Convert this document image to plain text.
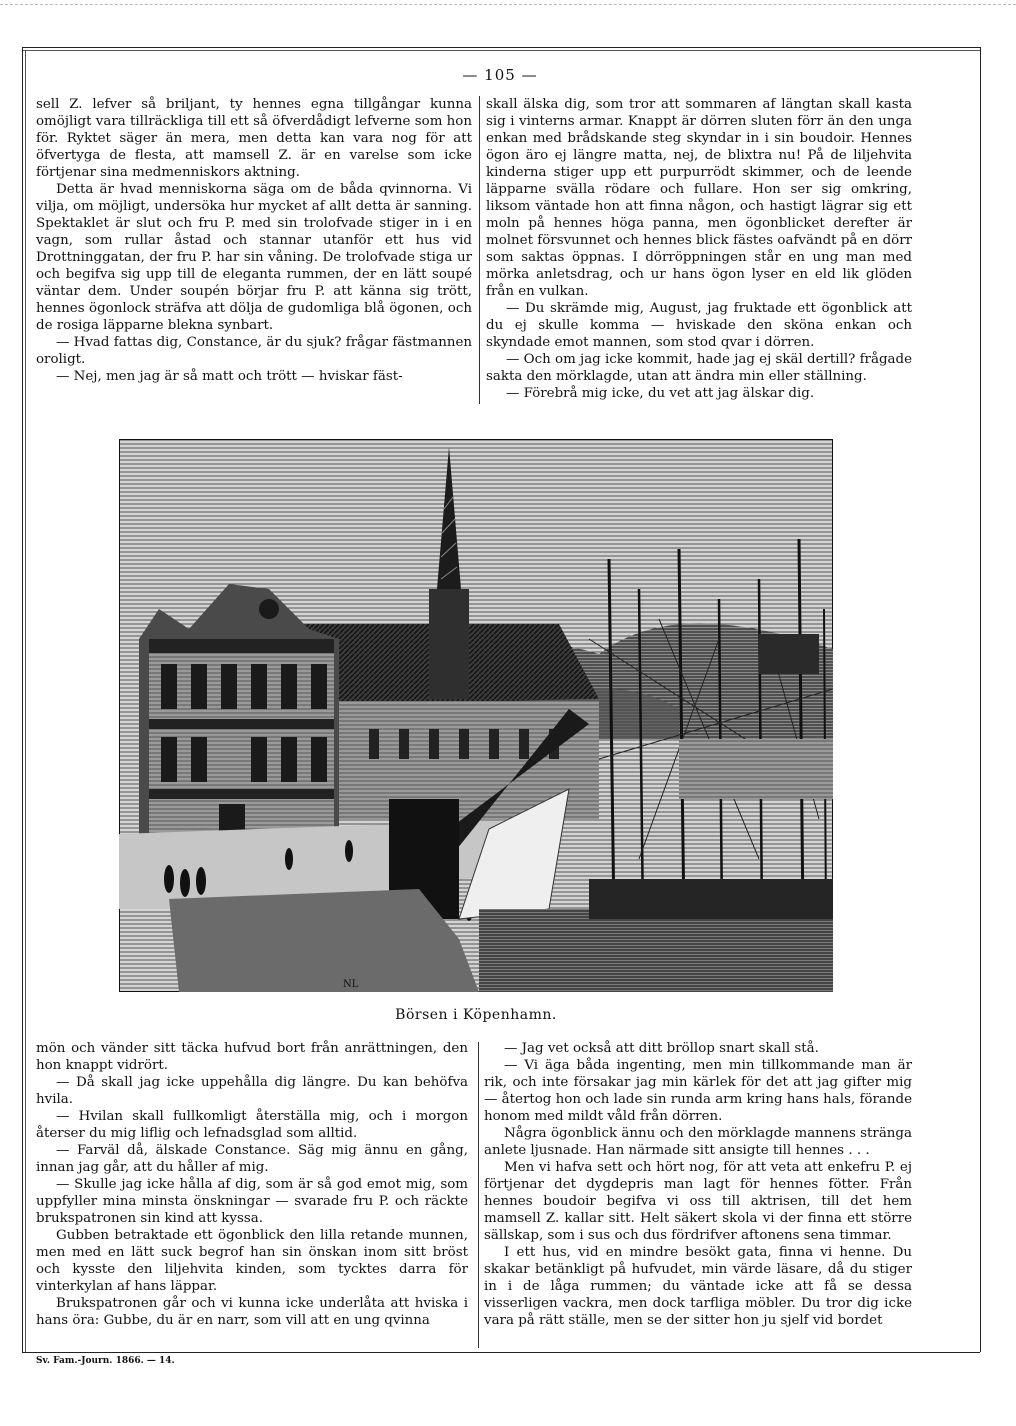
— 105 —

sell Z. lefver så briljant, ty hennes egna tillgångar kunna omöjligt vara tillräckliga till ett så öfverdådigt lefverne som hon för. Ryktet säger än mera, men detta kan vara nog för att öfvertyga de flesta, att mamsell Z. är en varelse som icke förtjenar sina medmenniskors aktning.

Detta är hvad menniskorna säga om de båda qvinnorna. Vi vilja, om möjligt, undersöka hur mycket af allt detta är sanning. Spektaklet är slut och fru P. med sin trolofvade stiger in i en vagn, som rullar åstad och stannar utanför ett hus vid Drottninggatan, der fru P. har sin våning. De trolofvade stiga ur och begifva sig upp till de eleganta rummen, der en lätt soupé väntar dem. Under soupén börjar fru P. att känna sig trött, hennes ögonlock sträfva att dölja de gudomliga blå ögonen, och de rosiga läpparne blekna synbart.

— Hvad fattas dig, Constance, är du sjuk? frågar fästmannen oroligt.

— Nej, men jag är så matt och trött — hviskar fäst-

skall älska dig, som tror att sommaren af längtan skall kasta sig i vinterns armar. Knappt är dörren sluten förr än den unga enkan med brådskande steg skyndar in i sin boudoir. Hennes ögon äro ej längre matta, nej, de blixtra nu! På de liljehvita kinderna stiger upp ett purpurrödt skimmer, och de leende läpparne svälla rödare och fullare. Hon ser sig omkring, liksom väntade hon att finna någon, och hastigt lägrar sig ett moln på hennes höga panna, men ögonblicket derefter är molnet försvunnet och hennes blick fästes oafvändt på en dörr som saktas öppnas. I dörröppningen står en ung man med mörka anletsdrag, och ur hans ögon lyser en eld lik glöden från en vulkan.

— Du skrämde mig, August, jag fruktade ett ögonblick att du ej skulle komma — hviskade den sköna enkan och skyndade emot mannen, som stod qvar i dörren.

— Och om jag icke kommit, hade jag ej skäl dertill? frågade sakta den mörklagde, utan att ändra min eller ställning.

— Förebrå mig icke, du vet att jag älskar dig.

NL
Börsen i Köpenhamn.

mön och vänder sitt täcka hufvud bort från anrättningen, den hon knappt vidrört.

— Då skall jag icke uppehålla dig längre. Du kan behöfva hvila.

— Hvilan skall fullkomligt återställa mig, och i morgon återser du mig liflig och lefnadsglad som alltid.

— Farväl då, älskade Constance. Säg mig ännu en gång, innan jag går, att du håller af mig.

— Skulle jag icke hålla af dig, som är så god emot mig, som uppfyller mina minsta önskningar — svarade fru P. och räckte brukspatronen sin kind att kyssa.

Gubben betraktade ett ögonblick den lilla retande munnen, men med en lätt suck begrof han sin önskan inom sitt bröst och kysste den liljehvita kinden, som tycktes darra för vinterkylan af hans läppar.

Brukspatronen går och vi kunna icke underlåta att hviska i hans öra: Gubbe, du är en narr, som vill att en ung qvinna

— Jag vet också att ditt bröllop snart skall stå.

— Vi äga båda ingenting, men min tillkommande man är rik, och inte försakar jag min kärlek för det att jag gifter mig — återtog hon och lade sin runda arm kring hans hals, förande honom med mildt våld från dörren.

Några ögonblick ännu och den mörklagde mannens stränga anlete ljusnade. Han närmade sitt ansigte till hennes . . .

Men vi hafva sett och hört nog, för att veta att enkefru P. ej förtjenar det dygdepris man lagt för hennes fötter. Från hennes boudoir begifva vi oss till aktrisen, till det hem mamsell Z. kallar sitt. Helt säkert skola vi der finna ett större sällskap, som i sus och dus fördrifver aftonens sena timmar.

I ett hus, vid en mindre besökt gata, finna vi henne. Du skakar betänkligt på hufvudet, min värde läsare, då du stiger in i de låga rummen; du väntade icke att få se dessa visserligen vackra, men dock tarfliga möbler. Du tror dig icke vara på rätt ställe, men se der sitter hon ju sjelf vid bordet

Sv. Fam.-Journ. 1866. — 14.
